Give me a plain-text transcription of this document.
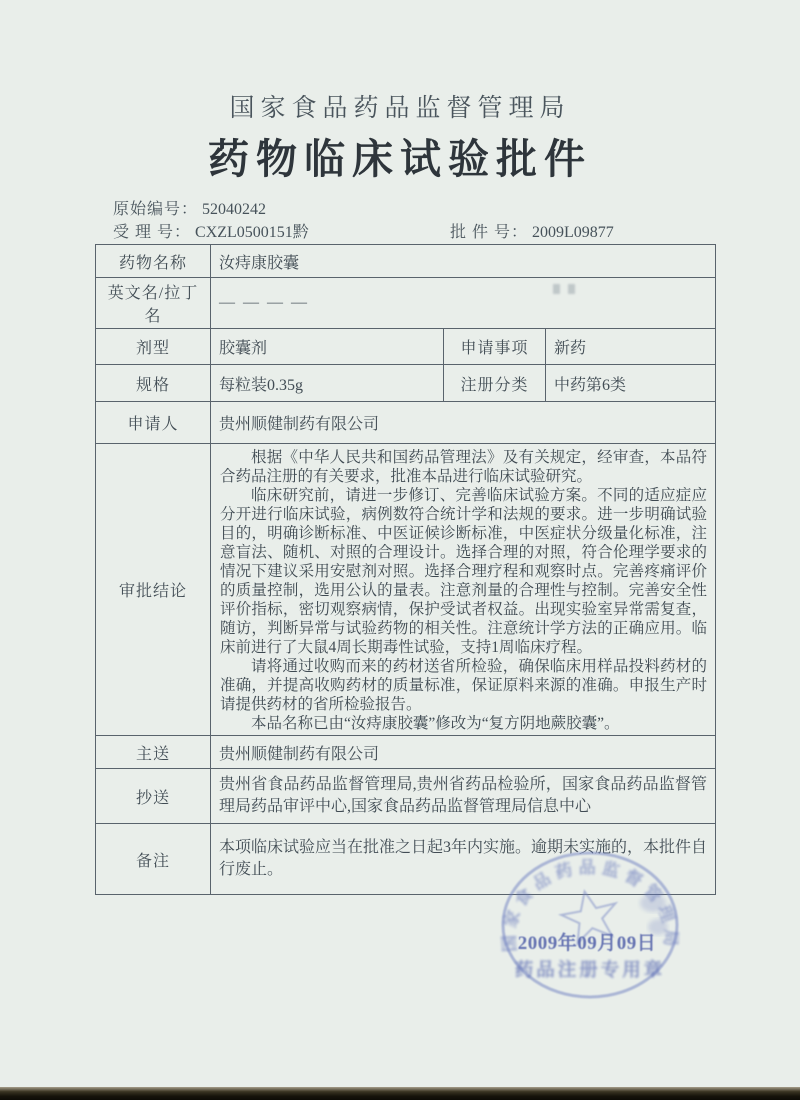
国家食品药品监督管理局
药物临床试验批件
原始编号： 52040242
受 理 号： CXZL0500151黔	批 件 号： 2009L09877
药物名称	汝痔康胶囊		
英文名/拉丁名	— — — —		
剂型	胶囊剂	申请事项	新药
规格	每粒装0.35g	注册分类	中药第6类
申请人	贵州顺健制药有限公司		
审批结论	根据《中华人民共和国药品管理法》及有关规定，经审查，本品符合药品注册的有关要求，批准本品进行临床试验研究。

临床研究前，请进一步修订、完善临床试验方案。不同的适应症应分开进行临床试验，病例数符合统计学和法规的要求。进一步明确试验目的，明确诊断标准、中医证候诊断标准，中医症状分级量化标准，注意盲法、随机、对照的合理设计。选择合理的对照，符合伦理学要求的情况下建议采用安慰剂对照。选择合理疗程和观察时点。完善疼痛评价的质量控制，选用公认的量表。注意剂量的合理性与控制。完善安全性评价指标，密切观察病情，保护受试者权益。出现实验室异常需复查，随访，判断异常与试验药物的相关性。注意统计学方法的正确应用。临床前进行了大鼠4周长期毒性试验，支持1周临床疗程。

请将通过收购而来的药材送省所检验，确保临床用样品投料药材的准确，并提高收购药材的质量标准，保证原料来源的准确。申报生产时请提供药材的省所检验报告。

本品名称已由“汝痔康胶囊”修改为“复方阴地蕨胶囊”。		

主送	贵州顺健制药有限公司		
抄送	贵州省食品药品监督管理局,贵州省药品检验所，国家食品药品监督管理局药品审评中心,国家食品药品监督管理局信息中心		

备注	本项临床试验应当在批准之日起3年内实施。逾期未实施的，本批件自行废止。		
国家食品药品监督管理局
2009年09月09日
药品注册专用章
